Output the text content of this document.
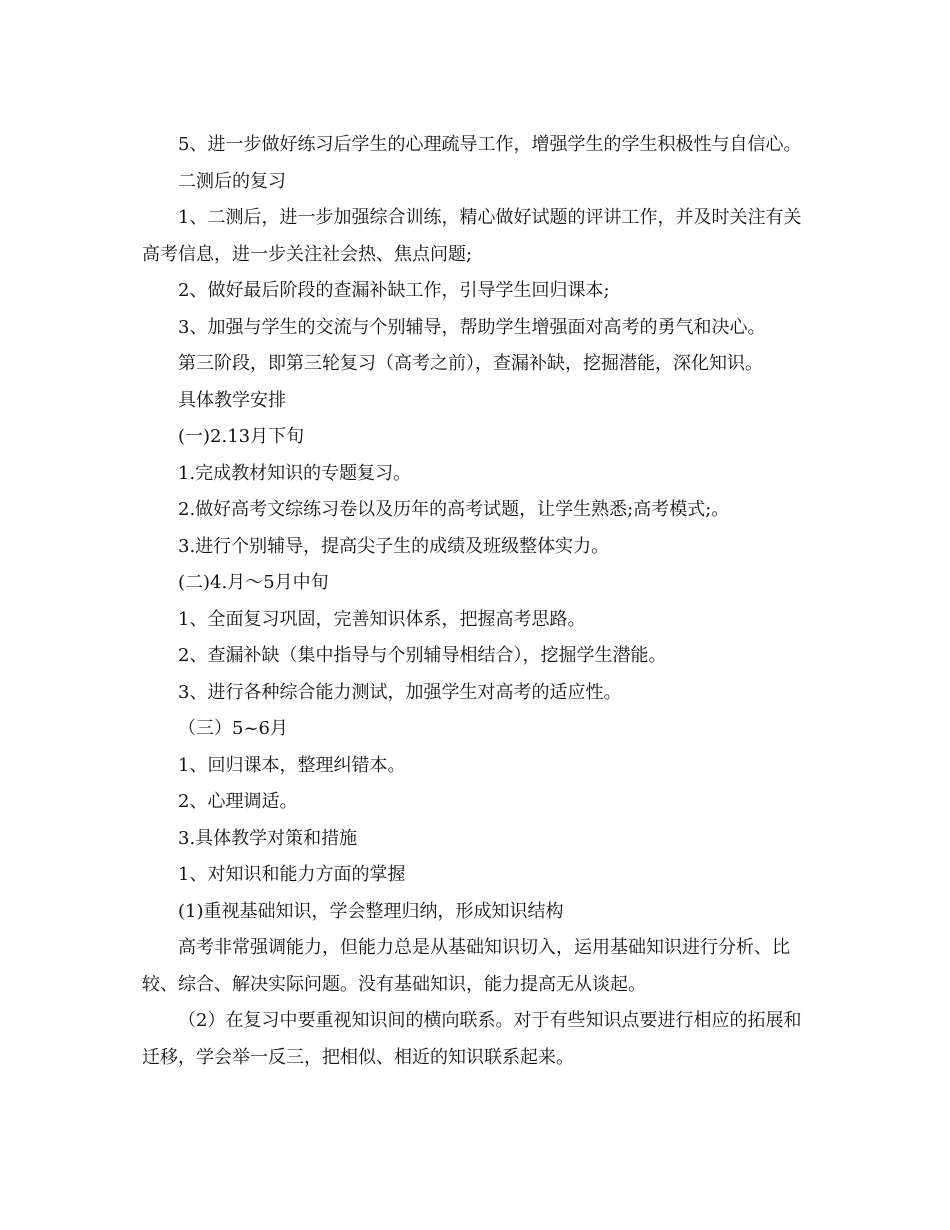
5、进一步做好练习后学生的心理疏导工作，增强学生的学生积极性与自信心。

二测后的复习

1、二测后，进一步加强综合训练，精心做好试题的评讲工作，并及时关注有关高考信息，进一步关注社会热、焦点问题;

2、做好最后阶段的查漏补缺工作，引导学生回归课本;

3、加强与学生的交流与个别辅导，帮助学生增强面对高考的勇气和决心。

第三阶段，即第三轮复习（高考之前），查漏补缺，挖掘潜能，深化知识。

具体教学安排

(一)2.13月下旬

1.完成教材知识的专题复习。

2.做好高考文综练习卷以及历年的高考试题，让学生熟悉;高考模式;。

3.进行个别辅导，提高尖子生的成绩及班级整体实力。

(二)4.月～5月中旬

1、全面复习巩固，完善知识体系，把握高考思路。

2、查漏补缺（集中指导与个别辅导相结合），挖掘学生潜能。

3、进行各种综合能力测试，加强学生对高考的适应性。

（三）5~6月

1、回归课本，整理纠错本。

2、心理调适。

3.具体教学对策和措施

1、对知识和能力方面的掌握

(1)重视基础知识，学会整理归纳，形成知识结构

高考非常强调能力，但能力总是从基础知识切入，运用基础知识进行分析、比较、综合、解决实际问题。没有基础知识，能力提高无从谈起。

（2）在复习中要重视知识间的横向联系。对于有些知识点要进行相应的拓展和迁移，学会举一反三，把相似、相近的知识联系起来。
